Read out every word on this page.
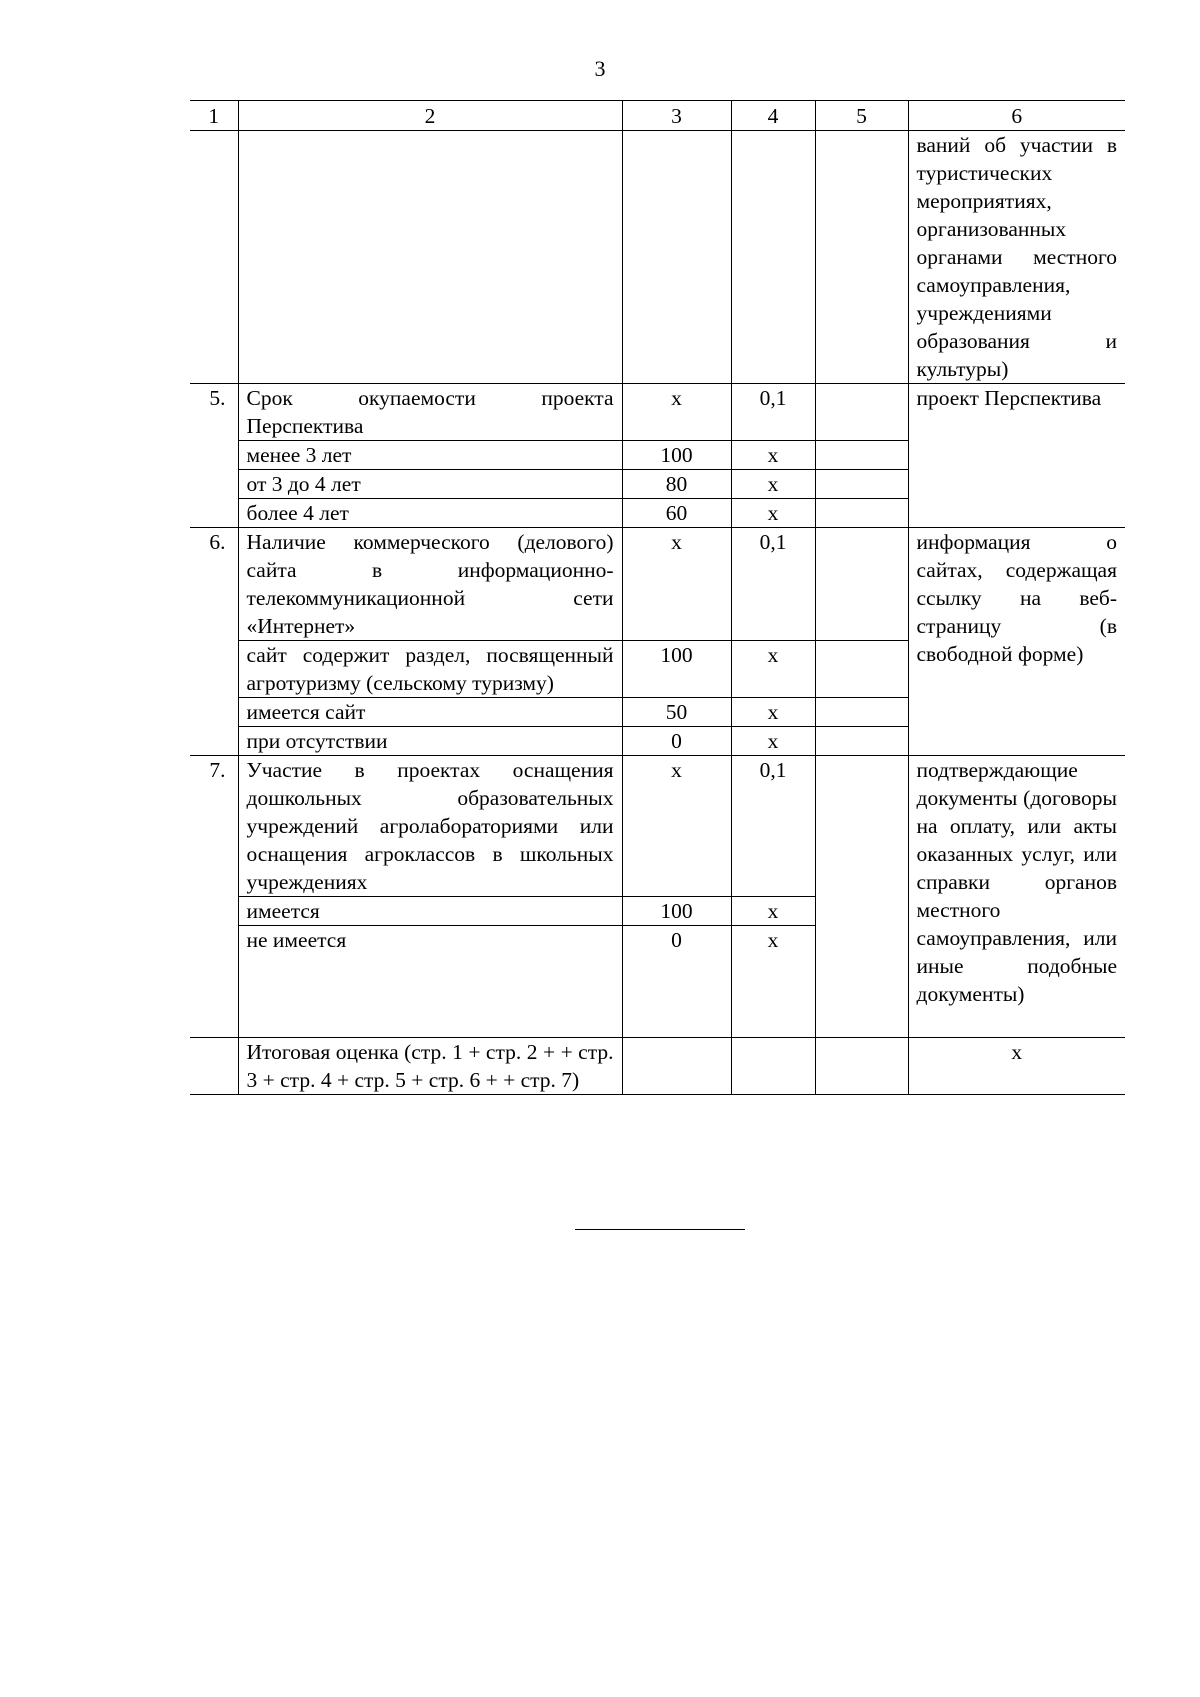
3
1	2	3	4	5	6
					ваний об участии в туристических мероприятиях, организованных органами местного самоуправления, учреждениями образования и культуры)
5.	Срок окупаемости проекта Перспектива	х	0,1		проект Перспектива
	менее 3 лет	100	х		
	от 3 до 4 лет	80	х		
	более 4 лет	60	х		
6.	Наличие коммерческого (делового) сайта в информационно-телекоммуникационной сети «Интернет»	х	0,1		информация о сайтах, содержащая ссылку на веб-страницу (в свободной форме)
	сайт содержит раздел, посвященный агротуризму (сельскому туризму)	100	х		
	имеется сайт	50	х		
	при отсутствии	0	х		
7.	Участие в проектах оснащения дошкольных образовательных учреждений агролабораториями или оснащения агроклассов в школьных учреждениях	х	0,1		подтверждающие документы (договоры на оплату, или акты оказанных услуг, или справки органов местного самоуправления, или иные подобные документы)
	имеется	100	х		
	не имеется	0	х		
	Итоговая оценка (стр. 1 + стр. 2 + + стр. 3 + стр. 4 + стр. 5 + стр. 6 + + стр. 7)				х
